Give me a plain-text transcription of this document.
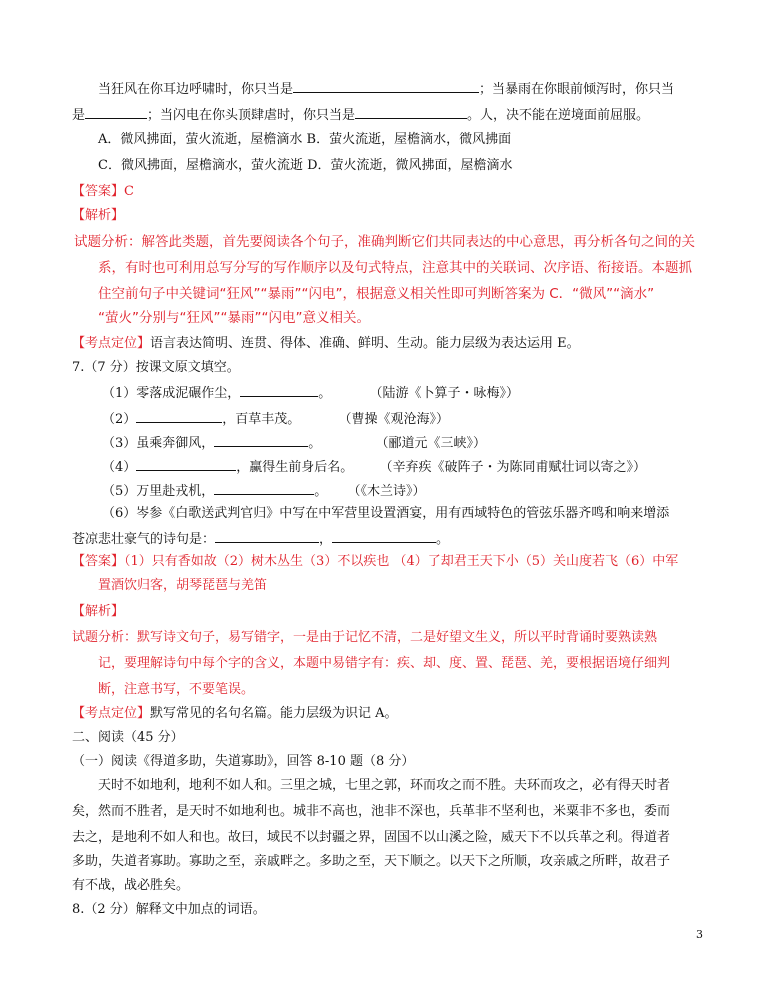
当狂风在你耳边呼啸时，你只当是	；当暴雨在你眼前倾泻时，你只当
是	；当闪电在你头顶肆虐时，你只当是	。人，决不能在逆境面前屈服。
A．微风拂面，萤火流逝，屋檐滴水 B．萤火流逝，屋檐滴水，微风拂面
C．微风拂面，屋檐滴水，萤火流逝 D．萤火流逝，微风拂面，屋檐滴水
【答案】C
【解析】
试题分析：解答此类题，首先要阅读各个句子，准确判断它们共同表达的中心意思，再分析各句之间的关
系，有时也可利用总写分写的写作顺序以及句式特点，注意其中的关联词、次序语、衔接语。本题抓
住空前句子中关键词“狂风”“暴雨”“闪电”，根据意义相关性即可判断答案为 C．“微风”“滴水”
“萤火”分别与“狂风”“暴雨”“闪电”意义相关。
【考点定位】语言表达简明、连贯、得体、准确、鲜明、生动。能力层级为表达运用 E。
7.（7 分）按课文原文填空。
（1）零落成泥碾作尘，	。	（陆游《卜算子・咏梅》）
（2）	，百草丰茂。	（曹操《观沧海》）
（3）虽乘奔御风，	。	（郦道元《三峡》）
（4）	，赢得生前身后名。 （辛弃疾《破阵子・为陈同甫赋壮词以寄之》）
（5）万里赴戎机，	。 （《木兰诗》）
（6）岑参《白歌送武判官归》中写在中军营里设置酒宴，用有西域特色的管弦乐器齐鸣和响来增添
苍凉悲壮豪气的诗句是：	，	。
【答案】（1）只有香如故（2）树木丛生（3）不以疾也 （4）了却君王天下小（5）关山度若飞（6）中军
置酒饮归客，胡琴琵琶与羌笛
【解析】
试题分析：默写诗文句子，易写错字，一是由于记忆不清，二是好望文生义，所以平时背诵时要熟读熟
记，要理解诗句中每个字的含义，本题中易错字有：疾、却、度、置、琵琶、羌，要根据语境仔细判
断，注意书写，不要笔误。
【考点定位】默写常见的名句名篇。能力层级为识记 A。
二、阅读（45 分）
（一）阅读《得道多助，失道寡助》，回答 8-10 题（8 分）
天时不如地利，地利不如人和。三里之城，七里之郭，环而攻之而不胜。夫环而攻之，必有得天时者
矣，然而不胜者，是天时不如地利也。城非不高也，池非不深也，兵革非不坚利也，米粟非不多也，委而
去之，是地利不如人和也。故曰，域民不以封疆之界，固国不以山溪之险，威天下不以兵革之利。得道者
多助，失道者寡助。寡助之至，亲戚畔之。多助之至，天下顺之。以天下之所顺，攻亲戚之所畔，故君子
有不战，战必胜矣。
8.（2 分）解释文中加点的词语。
3
